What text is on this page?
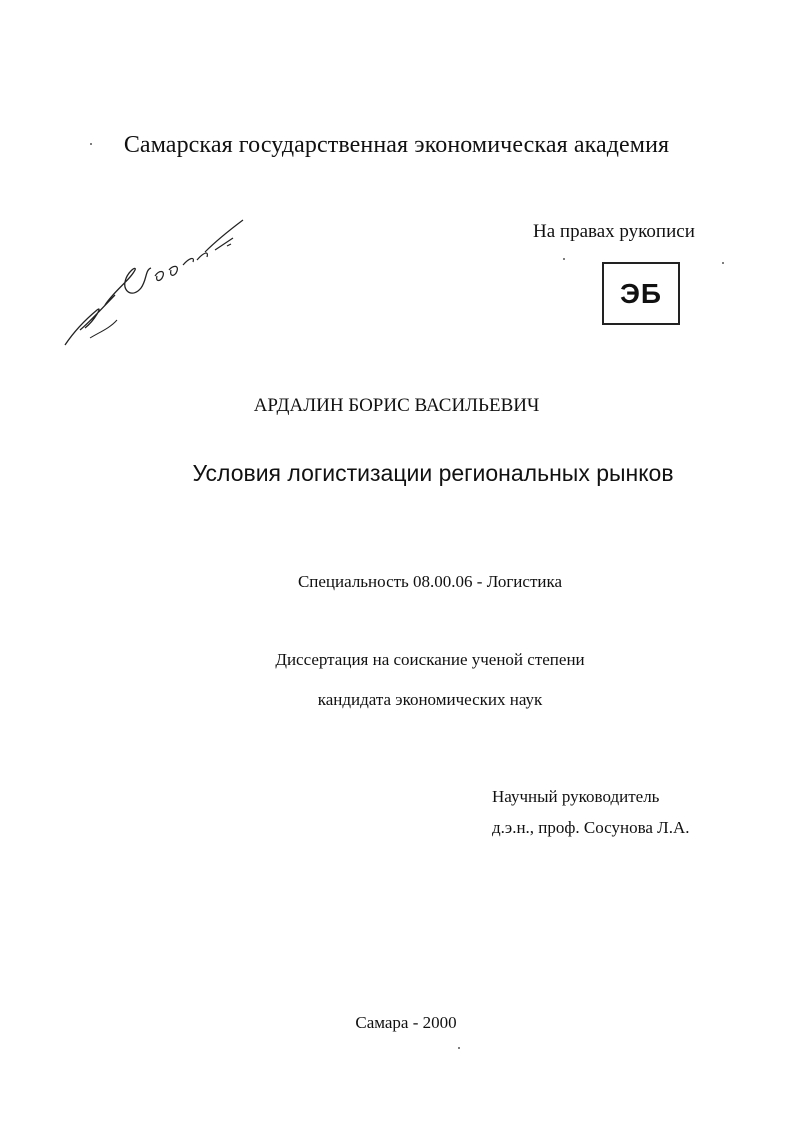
Самарская государственная экономическая академия
На правах рукописи
ЭБ
АРДАЛИН БОРИС ВАСИЛЬЕВИЧ
Условия логистизации региональных рынков
Специальность 08.00.06 - Логистика
Диссертация на соискание ученой степени
кандидата экономических наук
Научный руководитель
д.э.н., проф. Сосунова Л.А.
Самара - 2000
